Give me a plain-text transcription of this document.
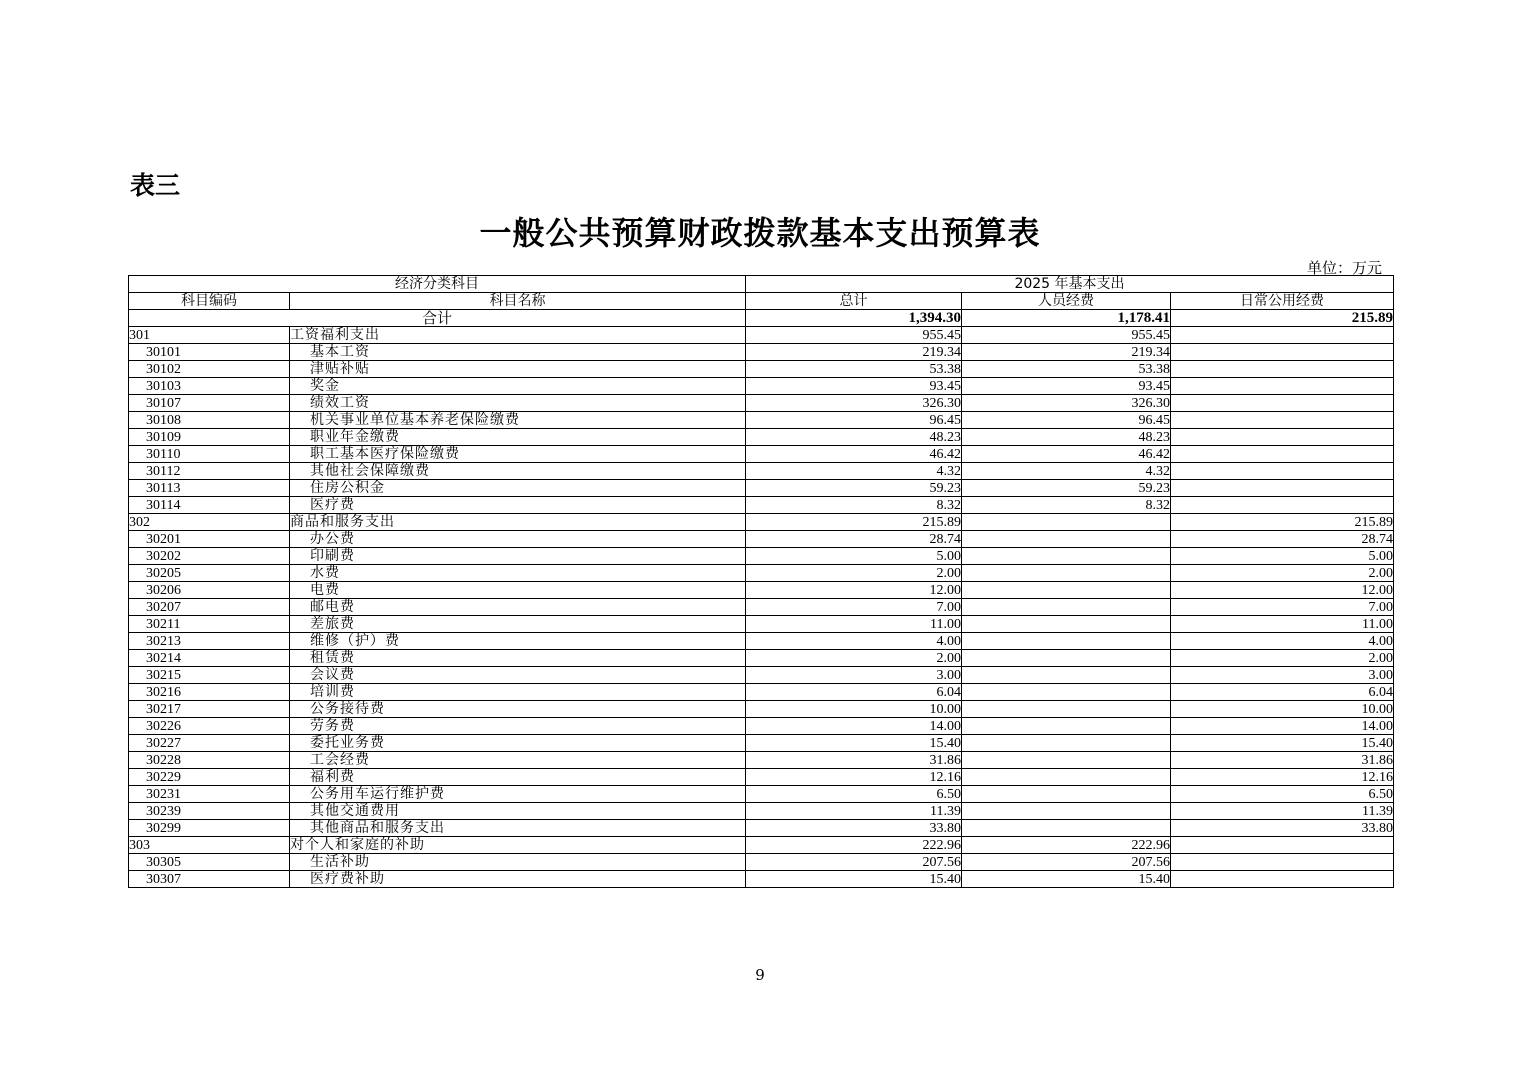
表三
一般公共预算财政拨款基本支出预算表
单位：万元
经济分类科目		2025 年基本支出		
科目编码	科目名称	总计	人员经费	日常公用经费
合计		1,394.30	1,178.41	215.89
301	工资福利支出	955.45	955.45	
30101	基本工资	219.34	219.34	
30102	津贴补贴	53.38	53.38	
30103	奖金	93.45	93.45	
30107	绩效工资	326.30	326.30	
30108	机关事业单位基本养老保险缴费	96.45	96.45	
30109	职业年金缴费	48.23	48.23	
30110	职工基本医疗保险缴费	46.42	46.42	
30112	其他社会保障缴费	4.32	4.32	
30113	住房公积金	59.23	59.23	
30114	医疗费	8.32	8.32	
302	商品和服务支出	215.89		215.89
30201	办公费	28.74		28.74
30202	印刷费	5.00		5.00
30205	水费	2.00		2.00
30206	电费	12.00		12.00
30207	邮电费	7.00		7.00
30211	差旅费	11.00		11.00
30213	维修（护）费	4.00		4.00
30214	租赁费	2.00		2.00
30215	会议费	3.00		3.00
30216	培训费	6.04		6.04
30217	公务接待费	10.00		10.00
30226	劳务费	14.00		14.00
30227	委托业务费	15.40		15.40
30228	工会经费	31.86		31.86
30229	福利费	12.16		12.16
30231	公务用车运行维护费	6.50		6.50
30239	其他交通费用	11.39		11.39
30299	其他商品和服务支出	33.80		33.80
303	对个人和家庭的补助	222.96	222.96	
30305	生活补助	207.56	207.56	
30307	医疗费补助	15.40	15.40	
9
